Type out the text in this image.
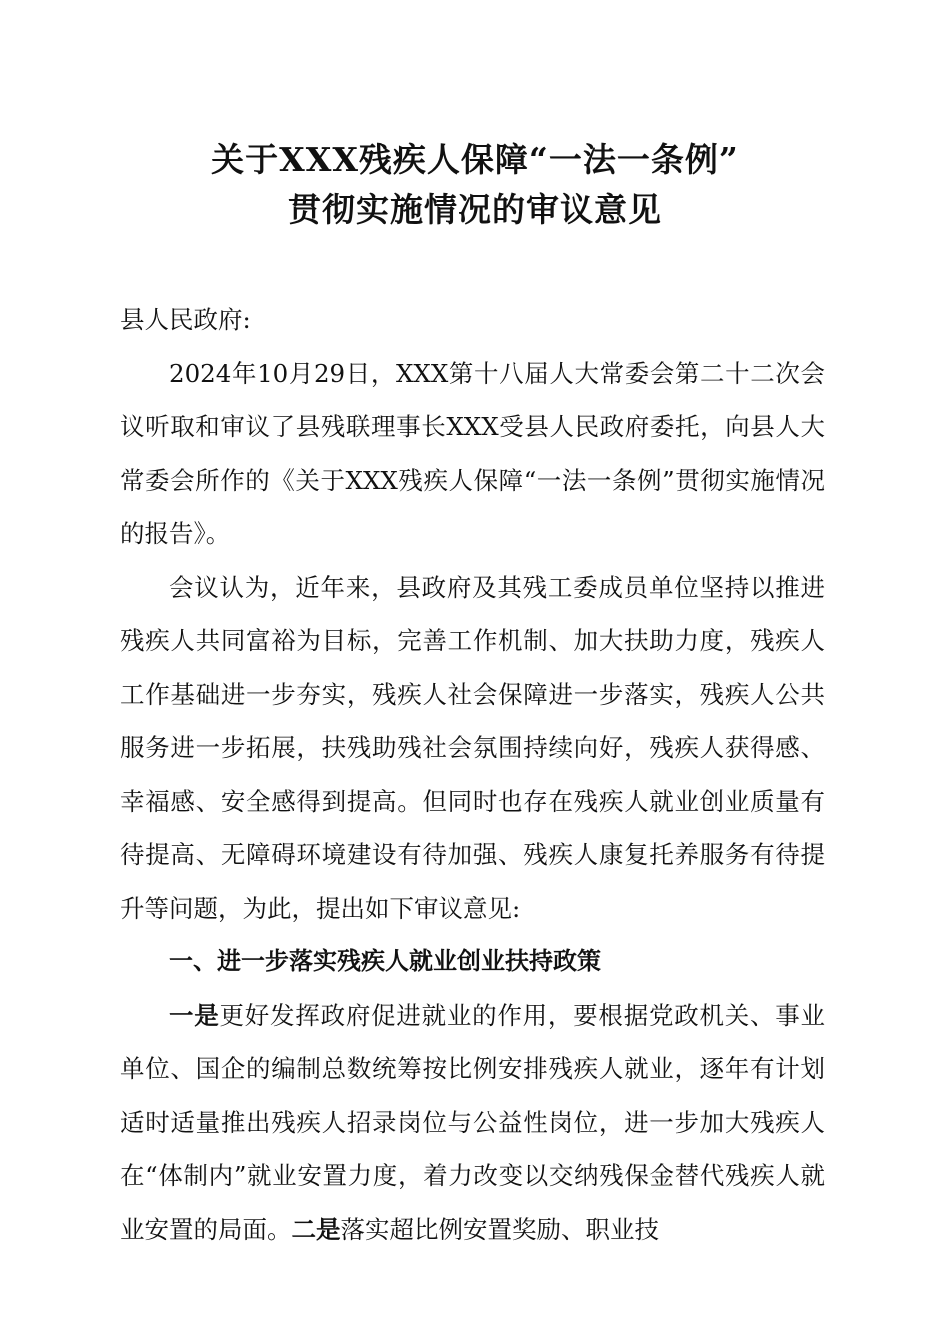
关于XXX残疾人保障“一法一条例”
贯彻实施情况的审议意见

县人民政府:

2024年10月29日，XXX第十八届人大常委会第二十二次会议听取和审议了县残联理事长XXX受县人民政府委托，向县人大常委会所作的《关于XXX残疾人保障“一法一条例”贯彻实施情况的报告》。

会议认为，近年来，县政府及其残工委成员单位坚持以推进残疾人共同富裕为目标，完善工作机制、加大扶助力度，残疾人工作基础进一步夯实，残疾人社会保障进一步落实，残疾人公共服务进一步拓展，扶残助残社会氛围持续向好，残疾人获得感、幸福感、安全感得到提高。但同时也存在残疾人就业创业质量有待提高、无障碍环境建设有待加强、残疾人康复托养服务有待提升等问题，为此，提出如下审议意见:

一、进一步落实残疾人就业创业扶持政策

一是更好发挥政府促进就业的作用，要根据党政机关、事业单位、国企的编制总数统筹按比例安排残疾人就业，逐年有计划适时适量推出残疾人招录岗位与公益性岗位，进一步加大残疾人在“体制内”就业安置力度，着力改变以交纳残保金替代残疾人就业安置的局面。二是落实超比例安置奖励、职业技
